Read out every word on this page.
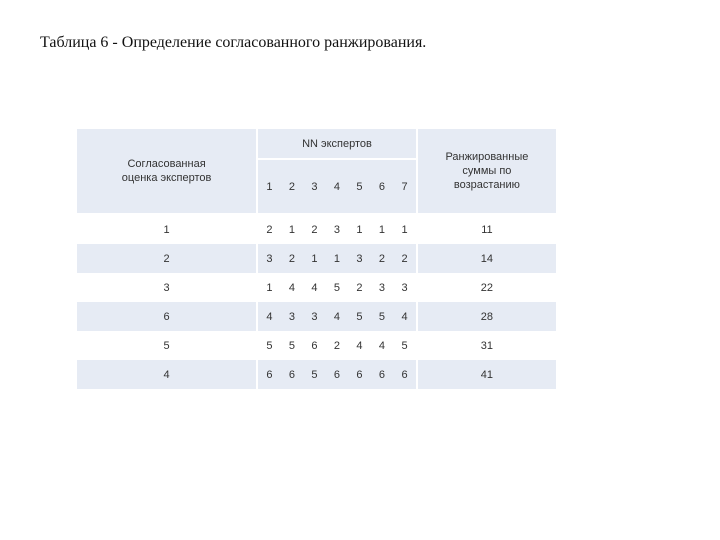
Таблица 6 - Определение согласованного ранжирования.
Согласованная оценка экспертов	NN экспертов							Ранжированные суммы по возрастанию

	1	2	3	4	5	6	7	
1	2	1	2	3	1	1	1	11
2	3	2	1	1	3	2	2	14
3	1	4	4	5	2	3	3	22
6	4	3	3	4	5	5	4	28
5	5	5	6	2	4	4	5	31
4	6	6	5	6	6	6	6	41
